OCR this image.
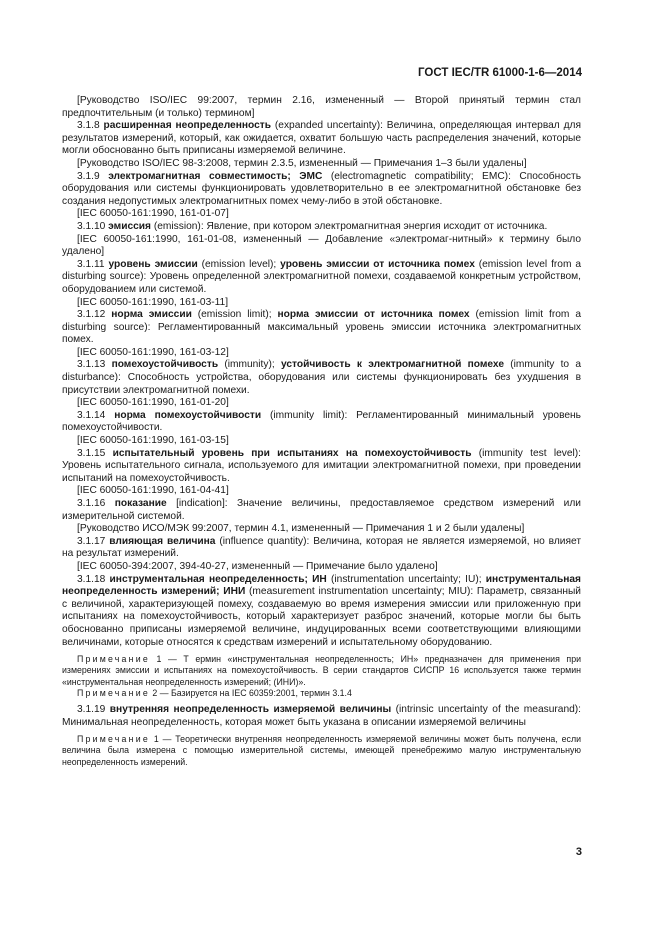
ГОСТ IEC/TR 61000-1-6—2014

[Руководство ISO/IEC 99:2007, термин 2.16, измененный — Второй принятый термин стал предпочтительным (и только) термином]

3.1.8 расширенная неопределенность (expanded uncertainty): Величина, определяющая интервал для результатов измерений, который, как ожидается, охватит большую часть распределения значений, которые могли обоснованно быть приписаны измеряемой величине.

[Руководство ISO/IEC 98-3:2008, термин 2.3.5, измененный — Примечания 1–3 были удалены]

3.1.9 электромагнитная совместимость; ЭМС (electromagnetic compatibility; EMC): Способность оборудования или системы функционировать удовлетворительно в ее электромагнитной обстановке без создания недопустимых электромагнитных помех чему-либо в этой обстановке.

[IEC 60050-161:1990, 161-01-07]

3.1.10 эмиссия (emission): Явление, при котором электромагнитная энергия исходит от источника.

[IEC 60050-161:1990, 161-01-08, измененный — Добавление «электромаг-нитный» к термину было удалено]

3.1.11 уровень эмиссии (emission level); уровень эмиссии от источника помех (emission level from a disturbing source): Уровень определенной электромагнитной помехи, создаваемой конкретным устройством, оборудованием или системой.

[IEC 60050-161:1990, 161-03-11]

3.1.12 норма эмиссии (emission limit); норма эмиссии от источника помех (emission limit from a disturbing source): Регламентированный максимальный уровень эмиссии источника электромагнитных помех.

[IEC 60050-161:1990, 161-03-12]

3.1.13 помехоустойчивость (immunity); устойчивость к электромагнитной помехе (immunity to a disturbance): Способность устройства, оборудования или системы функционировать без ухудшения в присутствии электромагнитной помехи.

[IEC 60050-161:1990, 161-01-20]

3.1.14 норма помехоустойчивости (immunity limit): Регламентированный минимальный уровень помехоустойчивости.

[IEC 60050-161:1990, 161-03-15]

3.1.15 испытательный уровень при испытаниях на помехоустойчивость (immunity test level): Уровень испытательного сигнала, используемого для имитации электромагнитной помехи, при проведении испытаний на помехоустойчивость.

[IEC 60050-161:1990, 161-04-41]

3.1.16 показание [indication]: Значение величины, предоставляемое средством измерений или измерительной системой.

[Руководство ИСО/МЭК 99:2007, термин 4.1, измененный — Примечания 1 и 2 были удалены]

3.1.17 влияющая величина (influence quantity): Величина, которая не является измеряемой, но влияет на результат измерений.

[IEC 60050-394:2007, 394-40-27, измененный — Примечание было удалено]

3.1.18 инструментальная неопределенность; ИН (instrumentation uncertainty; IU); инструментальная неопределенность измерений; ИНИ (measurement instrumentation uncertainty; MIU): Параметр, связанный с величиной, характеризующей помеху, создаваемую во время измерения эмиссии или приложенную при испытаниях на помехоустойчивость, который характеризует разброс значений, которые могли бы быть обоснованно приписаны измеряемой величине, индуцированных всеми соответствующими влияющими величинами, которые относятся к средствам измерений и испытательному оборудованию.

Примечание 1 — Т ермин «инструментальная неопределенность; ИН» предназначен для применения при измерениях эмиссии и испытаниях на помехоустойчивость. В серии стандартов СИСПР 16 используется также термин «инструментальная неопределенность измерений; (ИНИ)».

Примечание 2 — Базируется на IEC 60359:2001, термин 3.1.4

3.1.19 внутренняя неопределенность измеряемой величины (intrinsic uncertainty of the measurand): Минимальная неопределенность, которая может быть указана в описании измеряемой величины

Примечание 1 — Теоретически внутренняя неопределенность измеряемой величины может быть получена, если величина была измерена с помощью измерительной системы, имеющей пренебрежимо малую инструментальную неопределенность измерений.

3
